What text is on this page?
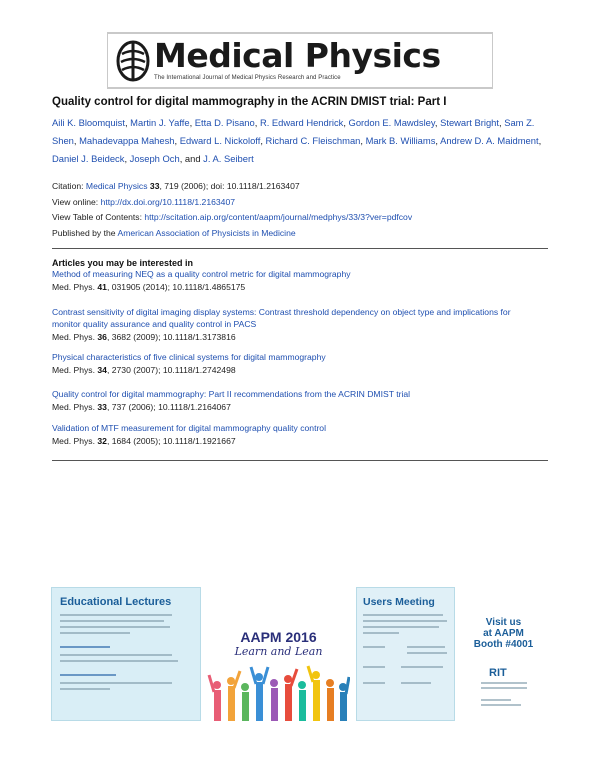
Medical Physics
The International Journal of Medical Physics Research and Practice
Quality control for digital mammography in the ACRIN DMIST trial: Part I
Aili K. Bloomquist, Martin J. Yaffe, Etta D. Pisano, R. Edward Hendrick, Gordon E. Mawdsley, Stewart Bright, Sam Z. Shen, Mahadevappa Mahesh, Edward L. Nickoloff, Richard C. Fleischman, Mark B. Williams, Andrew D. A. Maidment, Daniel J. Beideck, Joseph Och, and J. A. Seibert
Citation: Medical Physics 33, 719 (2006); doi: 10.1118/1.2163407
View online: http://dx.doi.org/10.1118/1.2163407
View Table of Contents: http://scitation.aip.org/content/aapm/journal/medphys/33/3?ver=pdfcov
Published by the American Association of Physicists in Medicine
Articles you may be interested in
Method of measuring NEQ as a quality control metric for digital mammography
Med. Phys. 41, 031905 (2014); 10.1118/1.4865175
Contrast sensitivity of digital imaging display systems: Contrast threshold dependency on object type and implications for monitor quality assurance and quality control in PACS
Med. Phys. 36, 3682 (2009); 10.1118/1.3173816
Physical characteristics of five clinical systems for digital mammography
Med. Phys. 34, 2730 (2007); 10.1118/1.2742498
Quality control for digital mammography: Part II recommendations from the ACRIN DMIST trial
Med. Phys. 33, 737 (2006); 10.1118/1.2164067
Validation of MTF measurement for digital mammography quality control
Med. Phys. 32, 1684 (2005); 10.1118/1.1921667
Educational Lectures
AAPM 2016
Learn and Lean
Users Meeting
Visit us
at AAPM
Booth #4001
RIT
